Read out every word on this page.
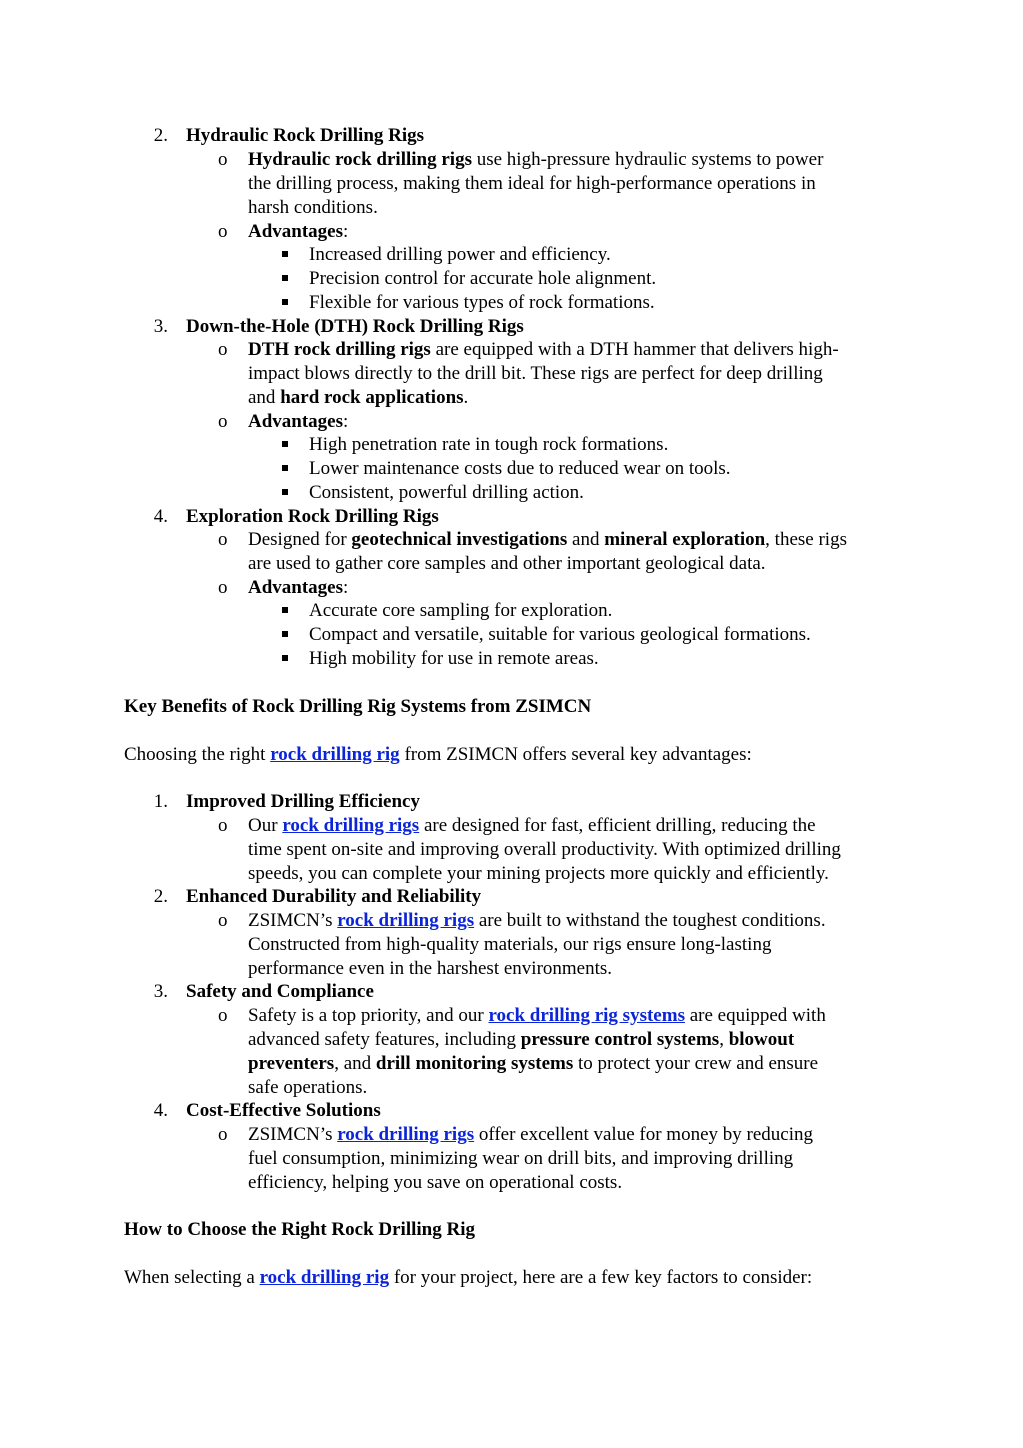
2. Hydraulic Rock Drilling Rigs
o Hydraulic rock drilling rigs use high-pressure hydraulic systems to power
the drilling process, making them ideal for high-performance operations in
harsh conditions.
o Advantages:
Increased drilling power and efficiency.
Precision control for accurate hole alignment.
Flexible for various types of rock formations.
3. Down-the-Hole (DTH) Rock Drilling Rigs
o DTH rock drilling rigs are equipped with a DTH hammer that delivers high-
impact blows directly to the drill bit. These rigs are perfect for deep drilling
and hard rock applications.
o Advantages:
High penetration rate in tough rock formations.
Lower maintenance costs due to reduced wear on tools.
Consistent, powerful drilling action.
4. Exploration Rock Drilling Rigs
o Designed for geotechnical investigations and mineral exploration, these rigs
are used to gather core samples and other important geological data.
o Advantages:
Accurate core sampling for exploration.
Compact and versatile, suitable for various geological formations.
High mobility for use in remote areas.
Key Benefits of Rock Drilling Rig Systems from ZSIMCN
Choosing the right rock drilling rig from ZSIMCN offers several key advantages:
1. Improved Drilling Efficiency
o Our rock drilling rigs are designed for fast, efficient drilling, reducing the
time spent on-site and improving overall productivity. With optimized drilling
speeds, you can complete your mining projects more quickly and efficiently.
2. Enhanced Durability and Reliability
o ZSIMCN’s rock drilling rigs are built to withstand the toughest conditions.
Constructed from high-quality materials, our rigs ensure long-lasting
performance even in the harshest environments.
3. Safety and Compliance
o Safety is a top priority, and our rock drilling rig systems are equipped with
advanced safety features, including pressure control systems, blowout
preventers, and drill monitoring systems to protect your crew and ensure
safe operations.
4. Cost-Effective Solutions
o ZSIMCN’s rock drilling rigs offer excellent value for money by reducing
fuel consumption, minimizing wear on drill bits, and improving drilling
efficiency, helping you save on operational costs.
How to Choose the Right Rock Drilling Rig
When selecting a rock drilling rig for your project, here are a few key factors to consider:
